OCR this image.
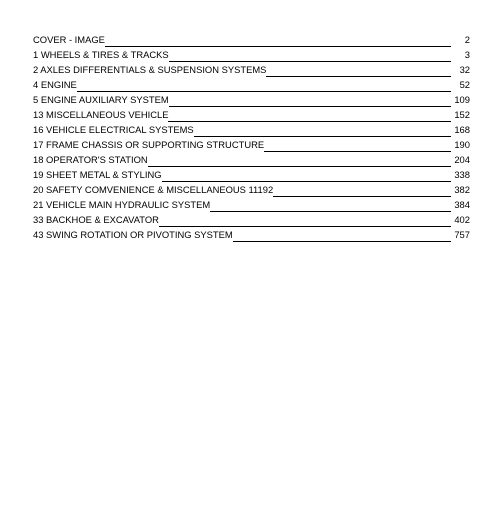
COVER - IMAGE	2
1 WHEELS & TIRES & TRACKS	3
2 AXLES DIFFERENTIALS & SUSPENSION SYSTEMS	32
4 ENGINE	52
5 ENGINE AUXILIARY SYSTEM	109
13 MISCELLANEOUS VEHICLE	152
16 VEHICLE ELECTRICAL SYSTEMS	168
17 FRAME CHASSIS OR SUPPORTING STRUCTURE	190
18 OPERATOR'S STATION	204
19 SHEET METAL & STYLING	338
20 SAFETY COMVENIENCE & MISCELLANEOUS 11192	382
21 VEHICLE MAIN HYDRAULIC SYSTEM	384
33 BACKHOE & EXCAVATOR	402
43 SWING ROTATION OR PIVOTING SYSTEM	757
